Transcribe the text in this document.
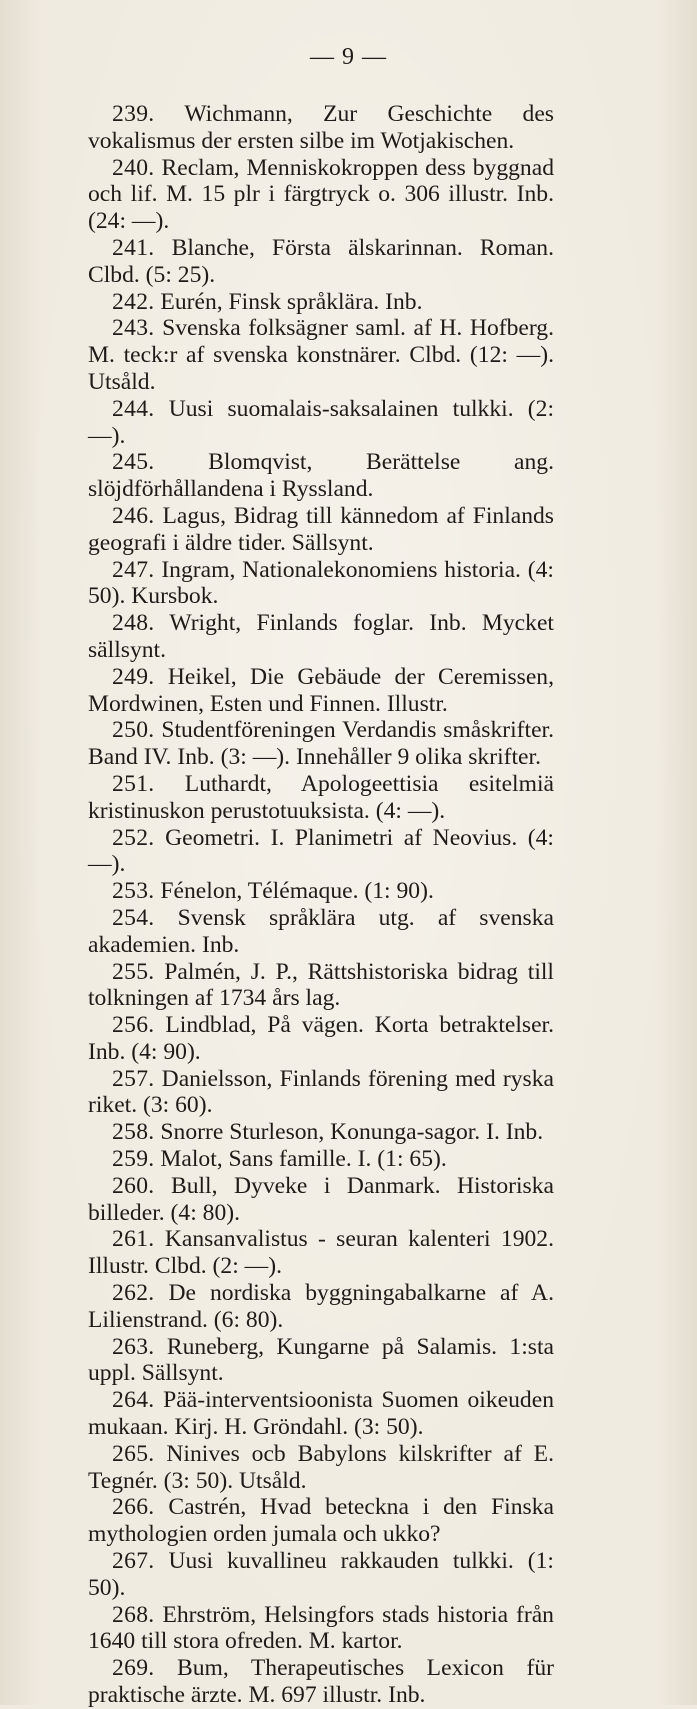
— 9 —

239. Wichmann, Zur Geschichte des vokalismus der ersten silbe im Wotjakischen.

240. Reclam, Menniskokroppen dess byggnad och lif. M. 15 plr i färgtryck o. 306 illustr. Inb. (24: —).

241. Blanche, Första älskarinnan. Roman. Clbd. (5: 25).

242. Eurén, Finsk språklära. Inb.

243. Svenska folksägner saml. af H. Hofberg. M. teck:r af svenska konstnärer. Clbd. (12: —). Utsåld.

244. Uusi suomalais-saksalainen tulkki. (2: —).

245. Blomqvist, Berättelse ang. slöjdförhållandena i Ryssland.

246. Lagus, Bidrag till kännedom af Finlands geografi i äldre tider. Sällsynt.

247. Ingram, Nationalekonomiens historia. (4: 50). Kursbok.

248. Wright, Finlands foglar. Inb. Mycket sällsynt.

249. Heikel, Die Gebäude der Ceremissen, Mordwinen, Esten und Finnen. Illustr.

250. Studentföreningen Verdandis småskrifter. Band IV. Inb. (3: —). Innehåller 9 olika skrifter.

251. Luthardt, Apologeettisia esitelmiä kristinuskon perustotuuksista. (4: —).

252. Geometri. I. Planimetri af Neovius. (4: —).

253. Fénelon, Télémaque. (1: 90).

254. Svensk språklära utg. af svenska akademien. Inb.

255. Palmén, J. P., Rättshistoriska bidrag till tolkningen af 1734 års lag.

256. Lindblad, På vägen. Korta betraktelser. Inb. (4: 90).

257. Danielsson, Finlands förening med ryska riket. (3: 60).

258. Snorre Sturleson, Konunga-sagor. I. Inb.

259. Malot, Sans famille. I. (1: 65).

260. Bull, Dyveke i Danmark. Historiska billeder. (4: 80).

261. Kansanvalistus - seuran kalenteri 1902. Illustr. Clbd. (2: —).

262. De nordiska byggningabalkarne af A. Lilienstrand. (6: 80).

263. Runeberg, Kungarne på Salamis. 1:sta uppl. Sällsynt.

264. Pää-interventsioonista Suomen oikeuden mukaan. Kirj. H. Gröndahl. (3: 50).

265. Ninives ocb Babylons kilskrifter af E. Tegnér. (3: 50). Utsåld.

266. Castrén, Hvad beteckna i den Finska mythologien orden jumala och ukko?

267. Uusi kuvallineu rakkauden tulkki. (1: 50).

268. Ehrström, Helsingfors stads historia från 1640 till stora ofreden. M. kartor.

269. Bum, Therapeutisches Lexicon für praktische ärzte. M. 697 illustr. Inb.
